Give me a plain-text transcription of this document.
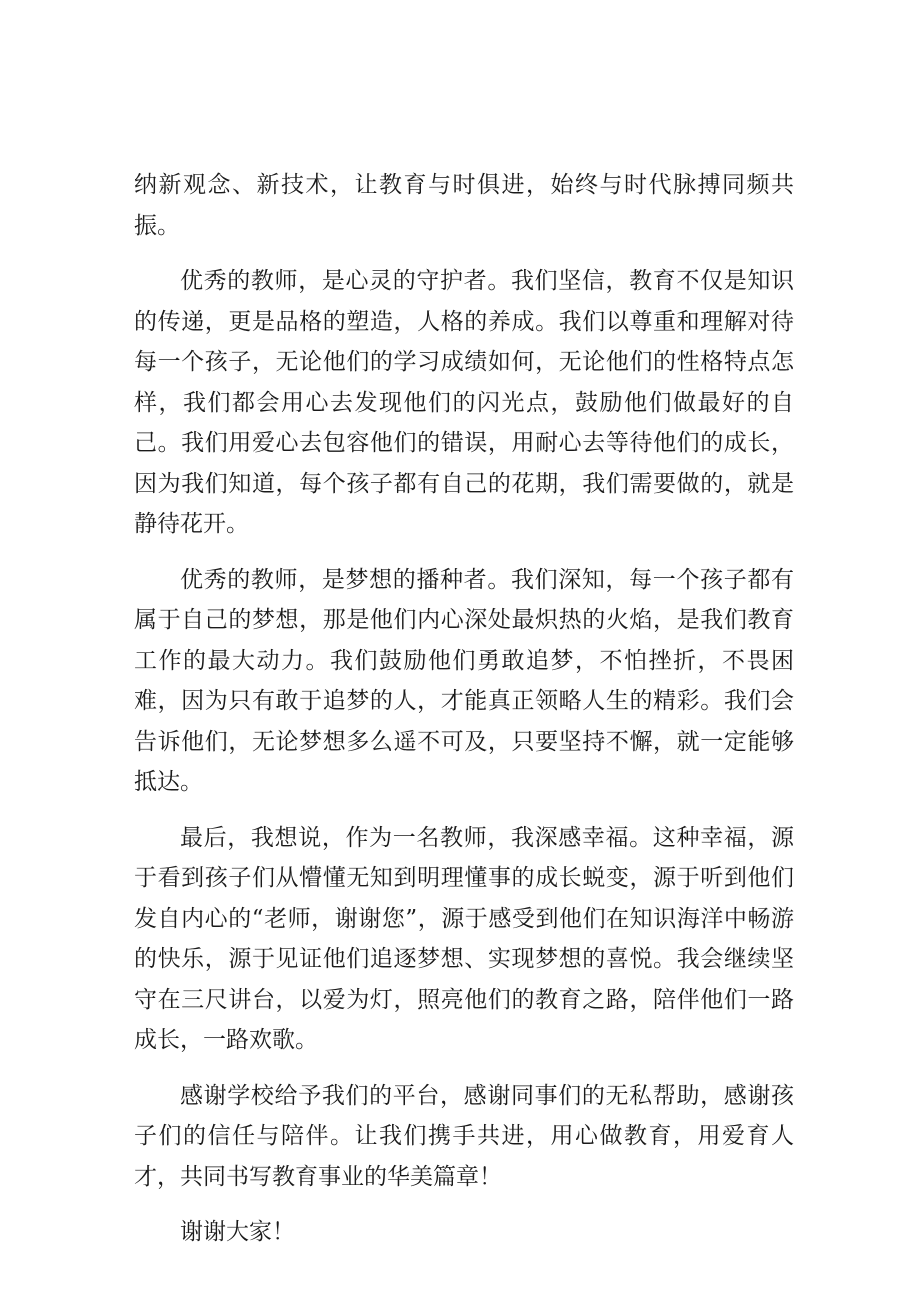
纳新观念、新技术，让教育与时俱进，始终与时代脉搏同频共振。

优秀的教师，是心灵的守护者。我们坚信，教育不仅是知识的传递，更是品格的塑造，人格的养成。我们以尊重和理解对待每一个孩子，无论他们的学习成绩如何，无论他们的性格特点怎样，我们都会用心去发现他们的闪光点，鼓励他们做最好的自己。我们用爱心去包容他们的错误，用耐心去等待他们的成长，因为我们知道，每个孩子都有自己的花期，我们需要做的，就是静待花开。

优秀的教师，是梦想的播种者。我们深知，每一个孩子都有属于自己的梦想，那是他们内心深处最炽热的火焰，是我们教育工作的最大动力。我们鼓励他们勇敢追梦，不怕挫折，不畏困难，因为只有敢于追梦的人，才能真正领略人生的精彩。我们会告诉他们，无论梦想多么遥不可及，只要坚持不懈，就一定能够抵达。

最后，我想说，作为一名教师，我深感幸福。这种幸福，源于看到孩子们从懵懂无知到明理懂事的成长蜕变，源于听到他们发自内心的“老师，谢谢您”，源于感受到他们在知识海洋中畅游的快乐，源于见证他们追逐梦想、实现梦想的喜悦。我会继续坚守在三尺讲台，以爱为灯，照亮他们的教育之路，陪伴他们一路成长，一路欢歌。

感谢学校给予我们的平台，感谢同事们的无私帮助，感谢孩子们的信任与陪伴。让我们携手共进，用心做教育，用爱育人才，共同书写教育事业的华美篇章！

谢谢大家！
